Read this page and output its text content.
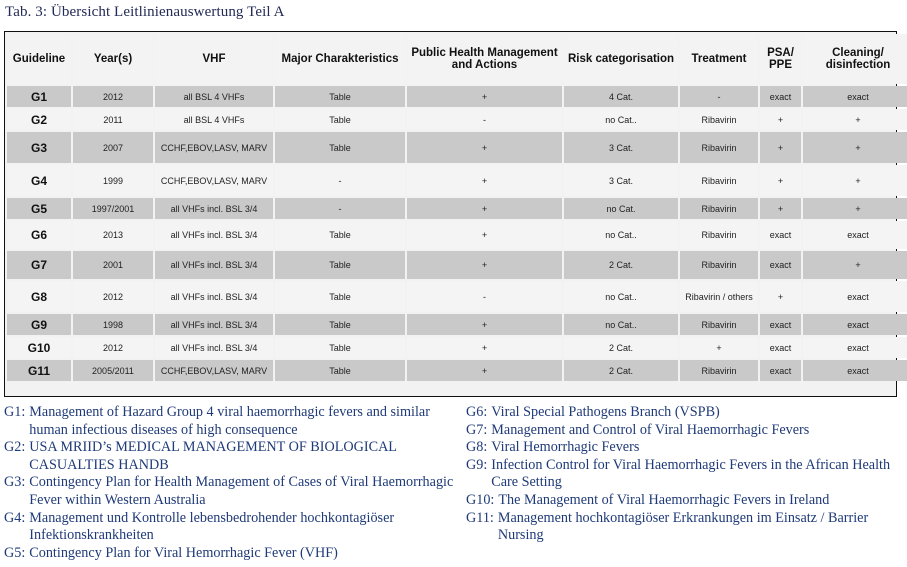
Tab. 3: Übersicht Leitlinienauswertung Teil A
Guideline	Year(s)	VHF	Major Charakteristics	Public Health Management and Actions	Risk categorisation	Treatment	PSA/ PPE	Cleaning/ disinfection
G1	2012	all BSL 4 VHFs	Table	+	4 Cat.	-	exact	exact
G2	2011	all BSL 4 VHFs	Table	-	no Cat..	Ribavirin	+	+
G3	2007	CCHF,EBOV,LASV, MARV	Table	+	3 Cat.	Ribavirin	+	+
G4	1999	CCHF,EBOV,LASV, MARV	-	+	3 Cat.	Ribavirin	+	+
G5	1997/2001	all VHFs incl. BSL 3/4	-	+	no Cat.	Ribavirin	+	+
G6	2013	all VHFs incl. BSL 3/4	Table	+	no Cat..	Ribavirin	exact	exact
G7	2001	all VHFs incl. BSL 3/4	Table	+	2 Cat.	Ribavirin	exact	+
G8	2012	all VHFs incl. BSL 3/4	Table	-	no Cat..	Ribavirin / others	+	exact
G9	1998	all VHFs incl. BSL 3/4	Table	+	no Cat..	Ribavirin	exact	exact
G10	2012	all VHFs incl. BSL 3/4	Table	+	2 Cat.	+	exact	exact
G11	2005/2011	CCHF,EBOV,LASV, MARV	Table	+	2 Cat.	Ribavirin	exact	exact
G1: Management of Hazard Group 4 viral haemorrhagic fevers and similar human infectious diseases of high consequence
G2: USA MRIID’s MEDICAL MANAGEMENT OF BIOLOGICAL CASUALTIES HANDB
G3: Contingency Plan for Health Management of Cases of Viral Haemorrhagic Fever within Western Australia
G4: Management und Kontrolle lebensbedrohender hochkontagiöser Infektionskrankheiten
G5: Contingency Plan for Viral Hemorrhagic Fever (VHF)
G6: Viral Special Pathogens Branch (VSPB)
G7: Management and Control of Viral Haemorrhagic Fevers
G8: Viral Hemorrhagic Fevers
G9: Infection Control for Viral Haemorrhagic Fevers in the African Health Care Setting
G10: The Management of Viral Haemorrhagic Fevers in Ireland
G11: Management hochkontagiöser Erkrankungen im Einsatz / Barrier Nursing
